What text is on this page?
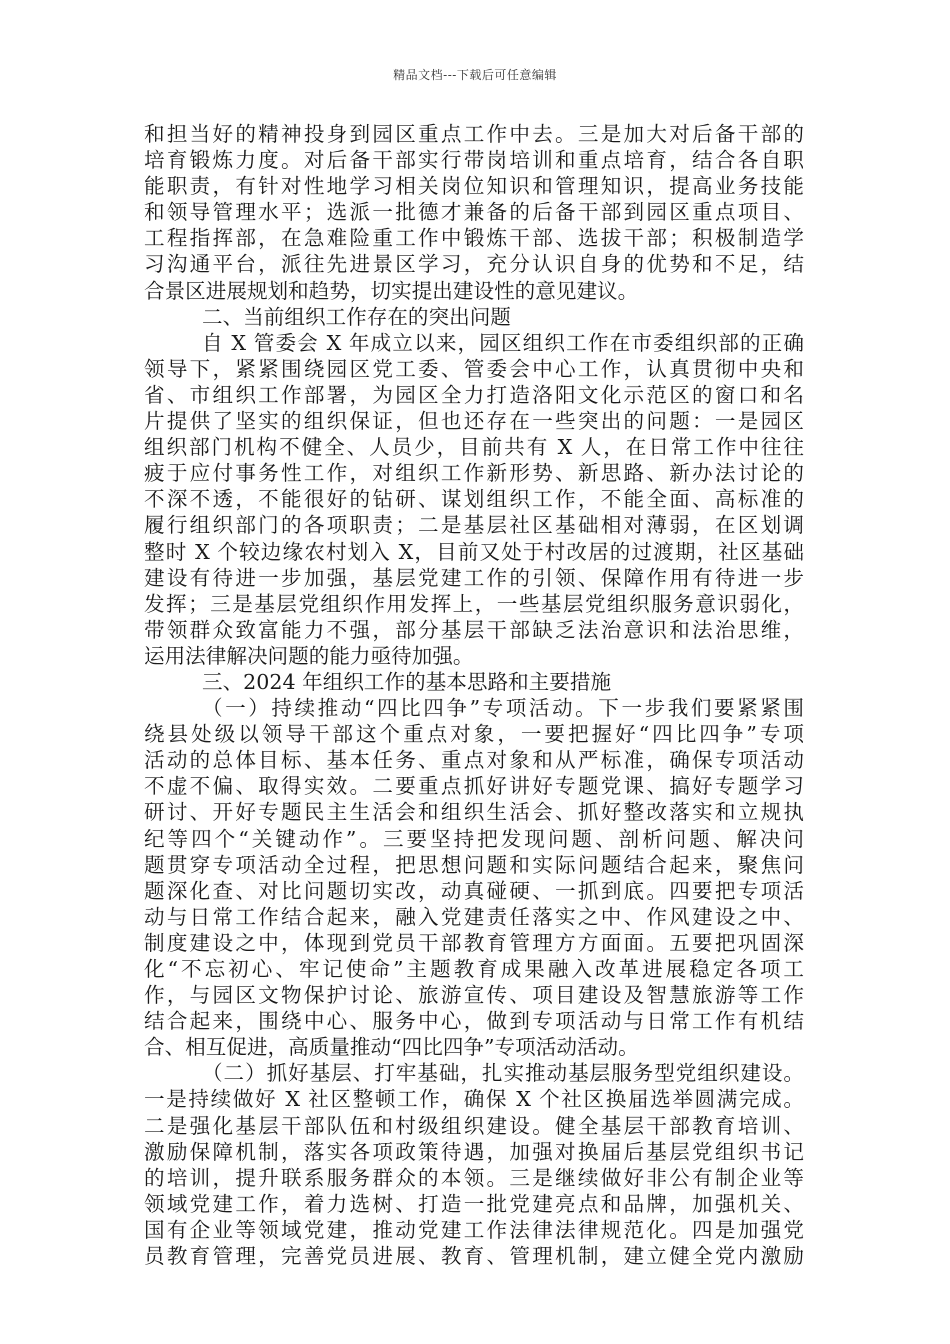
精品文档---下载后可任意编辑
和担当好的精神投身到园区重点工作中去。三是加大对后备干部的
培育锻炼力度。对后备干部实行带岗培训和重点培育，结合各自职
能职责，有针对性地学习相关岗位知识和管理知识，提高业务技能
和领导管理水平；选派一批德才兼备的后备干部到园区重点项目、
工程指挥部，在急难险重工作中锻炼干部、选拔干部；积极制造学
习沟通平台，派往先进景区学习，充分认识自身的优势和不足，结
合景区进展规划和趋势，切实提出建设性的意见建议。
二、当前组织工作存在的突出问题
自 X 管委会 X 年成立以来，园区组织工作在市委组织部的正确
领导下，紧紧围绕园区党工委、管委会中心工作，认真贯彻中央和
省、市组织工作部署，为园区全力打造洛阳文化示范区的窗口和名
片提供了坚实的组织保证，但也还存在一些突出的问题：一是园区
组织部门机构不健全、人员少，目前共有 X 人，在日常工作中往往
疲于应付事务性工作，对组织工作新形势、新思路、新办法讨论的
不深不透，不能很好的钻研、谋划组织工作，不能全面、高标准的
履行组织部门的各项职责；二是基层社区基础相对薄弱，在区划调
整时 X 个较边缘农村划入 X，目前又处于村改居的过渡期，社区基础
建设有待进一步加强，基层党建工作的引领、保障作用有待进一步
发挥；三是基层党组织作用发挥上，一些基层党组织服务意识弱化，
带领群众致富能力不强，部分基层干部缺乏法治意识和法治思维，
运用法律解决问题的能力亟待加强。
三、2024 年组织工作的基本思路和主要措施
（一）持续推动“四比四争”专项活动。下一步我们要紧紧围
绕县处级以领导干部这个重点对象，一要把握好“四比四争”专项
活动的总体目标、基本任务、重点对象和从严标准，确保专项活动
不虚不偏、取得实效。二要重点抓好讲好专题党课、搞好专题学习
研讨、开好专题民主生活会和组织生活会、抓好整改落实和立规执
纪等四个“关键动作”。三要坚持把发现问题、剖析问题、解决问
题贯穿专项活动全过程，把思想问题和实际问题结合起来，聚焦问
题深化查、对比问题切实改，动真碰硬、一抓到底。四要把专项活
动与日常工作结合起来，融入党建责任落实之中、作风建设之中、
制度建设之中，体现到党员干部教育管理方方面面。五要把巩固深
化“不忘初心、牢记使命”主题教育成果融入改革进展稳定各项工
作，与园区文物保护讨论、旅游宣传、项目建设及智慧旅游等工作
结合起来，围绕中心、服务中心，做到专项活动与日常工作有机结
合、相互促进，高质量推动“四比四争”专项活动活动。
（二）抓好基层、打牢基础，扎实推动基层服务型党组织建设。
一是持续做好 X 社区整顿工作，确保 X 个社区换届选举圆满完成。
二是强化基层干部队伍和村级组织建设。健全基层干部教育培训、
激励保障机制，落实各项政策待遇，加强对换届后基层党组织书记
的培训，提升联系服务群众的本领。三是继续做好非公有制企业等
领域党建工作，着力选树、打造一批党建亮点和品牌，加强机关、
国有企业等领域党建，推动党建工作法律法律规范化。四是加强党
员教育管理，完善党员进展、教育、管理机制，建立健全党内激励
